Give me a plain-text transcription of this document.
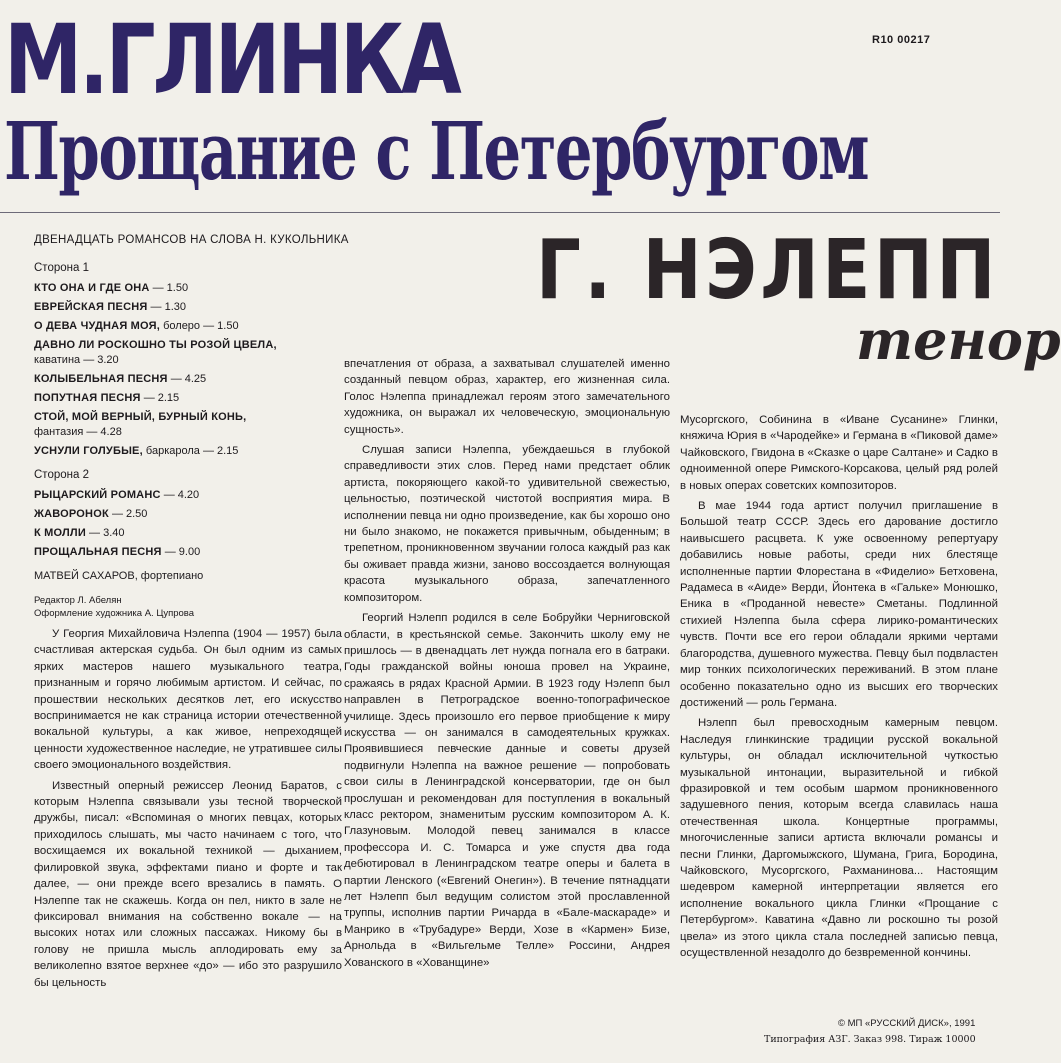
М.ГЛИНКА
Прощание с Петербургом
R10 00217
ДВЕНАДЦАТЬ РОМАНСОВ НА СЛОВА Н. КУКОЛЬНИКА Г. НЭЛЕПП
тенор
Сторона 1
КТО ОНА И ГДЕ ОНА — 1.50
ЕВРЕЙСКАЯ ПЕСНЯ — 1.30
О ДЕВА ЧУДНАЯ МОЯ, болеро — 1.50
ДАВНО ЛИ РОСКОШНО ТЫ РОЗОЙ ЦВЕЛА,
каватина — 3.20
КОЛЫБЕЛЬНАЯ ПЕСНЯ — 4.25
ПОПУТНАЯ ПЕСНЯ — 2.15
СТОЙ, МОЙ ВЕРНЫЙ, БУРНЫЙ КОНЬ,
фантазия — 4.28
УСНУЛИ ГОЛУБЫЕ, баркарола — 2.15
Сторона 2
РЫЦАРСКИЙ РОМАНС — 4.20
ЖАВОРОНОК — 2.50
К МОЛЛИ — 3.40
ПРОЩАЛЬНАЯ ПЕСНЯ — 9.00
МАТВЕЙ САХАРОВ, фортепиано
Редактор Л. Абелян
Оформление художника А. Цупрова

У Георгия Михайловича Нэлеппа (1904 — 1957) была счастливая актерская судьба. Он был одним из самых ярких мастеров нашего музыкального театра, признанным и горячо любимым артистом. И сейчас, по прошествии нескольких десятков лет, его искусство воспринимается не как страница истории отечественной вокальной культуры, а как живое, непреходящей ценности художественное наследие, не утратившее силы своего эмоционального воздействия.

Известный оперный режиссер Леонид Баратов, с которым Нэлеппа связывали узы тесной творческой дружбы, писал: «Вспоминая о многих певцах, которых приходилось слышать, мы часто начинаем с того, что восхищаемся их вокальной техникой — дыханием, филировкой звука, эффектами пиано и форте и так далее, — они прежде всего врезались в память. О Нэлеппе так не скажешь. Когда он пел, никто в зале не фиксировал внимания на собственно вокале — на высоких нотах или сложных пассажах. Никому бы в голову не пришла мысль аплодировать ему за великолепно взятое верхнее «до» — ибо это разрушило бы цельность

впечатления от образа, а захватывал слушателей именно созданный певцом образ, характер, его жизненная сила. Голос Нэлеппа принадлежал героям этого замечательного художника, он выражал их человеческую, эмоциональную сущность».

Слушая записи Нэлеппа, убеждаешься в глубокой справедливости этих слов. Перед нами предстает облик артиста, покоряющего какой-то удивительной свежестью, цельностью, поэтической чистотой восприятия мира. В исполнении певца ни одно произведение, как бы хорошо оно ни было знакомо, не покажется привычным, обыденным; в трепетном, проникновенном звучании голоса каждый раз как бы оживает правда жизни, заново воссоздается волнующая красота музыкального образа, запечатленного композитором.

Георгий Нэлепп родился в селе Бобруйки Черниговской области, в крестьянской семье. Закончить школу ему не пришлось — в двенадцать лет нужда погнала его в батраки. Годы гражданской войны юноша провел на Украине, сражаясь в рядах Красной Армии. В 1923 году Нэлепп был направлен в Петроградское военно-топографическое училище. Здесь произошло его первое приобщение к миру искусства — он занимался в самодеятельных кружках. Проявившиеся певческие данные и советы друзей подвигнули Нэлеппа на важное решение — попробовать свои силы в Ленинградской консерватории, где он был прослушан и рекомендован для поступления в вокальный класс ректором, знаменитым русским композитором А. К. Глазуновым. Молодой певец занимался в классе профессора И. С. Томарса и уже спустя два года дебютировал в Ленинградском театре оперы и балета в партии Ленского («Евгений Онегин»). В течение пятнадцати лет Нэлепп был ведущим солистом этой прославленной труппы, исполнив партии Ричарда в «Бале-маскараде» и Манрико в «Трубадуре» Верди, Хозе в «Кармен» Бизе, Арнольда в «Вильгельме Телле» Россини, Андрея Хованского в «Хованщине»

Мусоргского, Собинина в «Иване Сусанине» Глинки, княжича Юрия в «Чародейке» и Германа в «Пиковой даме» Чайковского, Гвидона в «Сказке о царе Салтане» и Садко в одноименной опере Римского-Корсакова, целый ряд ролей в новых операх советских композиторов.

В мае 1944 года артист получил приглашение в Большой театр СССР. Здесь его дарование достигло наивысшего расцвета. К уже освоенному репертуару добавились новые работы, среди них блестяще исполненные партии Флорестана в «Фиделио» Бетховена, Радамеса в «Аиде» Верди, Йонтека в «Гальке» Монюшко, Еника в «Проданной невесте» Сметаны. Подлинной стихией Нэлеппа была сфера лирико-романтических чувств. Почти все его герои обладали яркими чертами благородства, душевного мужества. Певцу был подвластен мир тонких психологических переживаний. В этом плане особенно показательно одно из высших его творческих достижений — роль Германа.

Нэлепп был превосходным камерным певцом. Наследуя глинкинские традиции русской вокальной культуры, он обладал исключительной чуткостью музыкальной интонации, выразительной и гибкой фразировкой и тем особым шармом проникновенного задушевного пения, которым всегда славилась наша отечественная школа. Концертные программы, многочисленные записи артиста включали романсы и песни Глинки, Даргомыжского, Шумана, Грига, Бородина, Чайковского, Мусоргского, Рахманинова... Настоящим шедевром камерной интерпретации является его исполнение вокального цикла Глинки «Прощание с Петербургом». Каватина «Давно ли роскошно ты розой цвела» из этого цикла стала последней записью певца, осуществленной незадолго до безвременной кончины.

© МП «РУССКИЙ ДИСК», 1991
Типография АЗГ. Заказ 998. Тираж 10000
